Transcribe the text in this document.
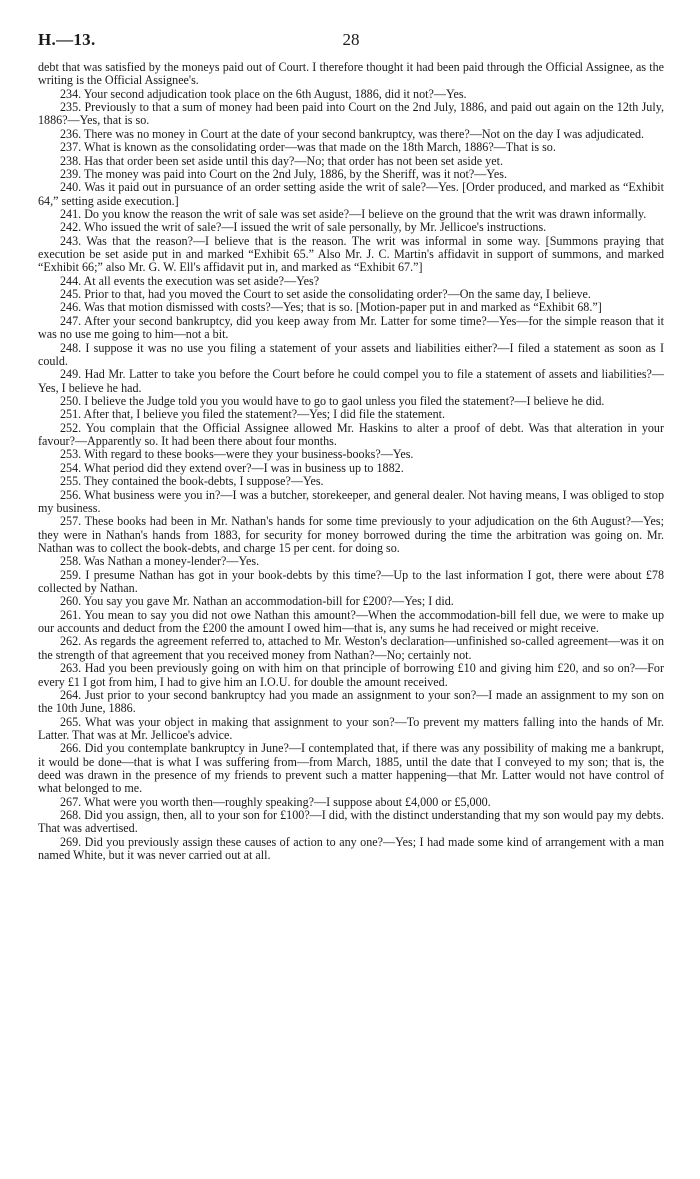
H.—13.	28

debt that was satisfied by the moneys paid out of Court. I therefore thought it had been paid through the Official Assignee, as the writing is the Official Assignee's.

234. Your second adjudication took place on the 6th August, 1886, did it not?—Yes.

235. Previously to that a sum of money had been paid into Court on the 2nd July, 1886, and paid out again on the 12th July, 1886?—Yes, that is so.

236. There was no money in Court at the date of your second bankruptcy, was there?—Not on the day I was adjudicated.

237. What is known as the consolidating order—was that made on the 18th March, 1886?—That is so.

238. Has that order been set aside until this day?—No; that order has not been set aside yet.

239. The money was paid into Court on the 2nd July, 1886, by the Sheriff, was it not?—Yes.

240. Was it paid out in pursuance of an order setting aside the writ of sale?—Yes. [Order produced, and marked as “Exhibit 64,” setting aside execution.]

241. Do you know the reason the writ of sale was set aside?—I believe on the ground that the writ was drawn informally.

242. Who issued the writ of sale?—I issued the writ of sale personally, by Mr. Jellicoe's instructions.

243. Was that the reason?—I believe that is the reason. The writ was informal in some way. [Summons praying that execution be set aside put in and marked “Exhibit 65.” Also Mr. J. C. Martin's affidavit in support of summons, and marked “Exhibit 66;” also Mr. G. W. Ell's affidavit put in, and marked as “Exhibit 67.”]

244. At all events the execution was set aside?—Yes?

245. Prior to that, had you moved the Court to set aside the consolidating order?—On the same day, I believe.

246. Was that motion dismissed with costs?—Yes; that is so. [Motion-paper put in and marked as “Exhibit 68.”]

247. After your second bankruptcy, did you keep away from Mr. Latter for some time?—Yes—for the simple reason that it was no use me going to him—not a bit.

248. I suppose it was no use you filing a statement of your assets and liabilities either?—I filed a statement as soon as I could.

249. Had Mr. Latter to take you before the Court before he could compel you to file a statement of assets and liabilities?—Yes, I believe he had.

250. I believe the Judge told you you would have to go to gaol unless you filed the statement?—I believe he did.

251. After that, I believe you filed the statement?—Yes; I did file the statement.

252. You complain that the Official Assignee allowed Mr. Haskins to alter a proof of debt. Was that alteration in your favour?—Apparently so. It had been there about four months.

253. With regard to these books—were they your business-books?—Yes.

254. What period did they extend over?—I was in business up to 1882.

255. They contained the book-debts, I suppose?—Yes.

256. What business were you in?—I was a butcher, storekeeper, and general dealer. Not having means, I was obliged to stop my business.

257. These books had been in Mr. Nathan's hands for some time previously to your adjudication on the 6th August?—Yes; they were in Nathan's hands from 1883, for security for money borrowed during the time the arbitration was going on. Mr. Nathan was to collect the book-debts, and charge 15 per cent. for doing so.

258. Was Nathan a money-lender?—Yes.

259. I presume Nathan has got in your book-debts by this time?—Up to the last information I got, there were about £78 collected by Nathan.

260. You say you gave Mr. Nathan an accommodation-bill for £200?—Yes; I did.

261. You mean to say you did not owe Nathan this amount?—When the accommodation-bill fell due, we were to make up our accounts and deduct from the £200 the amount I owed him—that is, any sums he had received or might receive.

262. As regards the agreement referred to, attached to Mr. Weston's declaration—unfinished so-called agreement—was it on the strength of that agreement that you received money from Nathan?—No; certainly not.

263. Had you been previously going on with him on that principle of borrowing £10 and giving him £20, and so on?—For every £1 I got from him, I had to give him an I.O.U. for double the amount received.

264. Just prior to your second bankruptcy had you made an assignment to your son?—I made an assignment to my son on the 10th June, 1886.

265. What was your object in making that assignment to your son?—To prevent my matters falling into the hands of Mr. Latter. That was at Mr. Jellicoe's advice.

266. Did you contemplate bankruptcy in June?—I contemplated that, if there was any possibility of making me a bankrupt, it would be done—that is what I was suffering from—from March, 1885, until the date that I conveyed to my son; that is, the deed was drawn in the presence of my friends to prevent such a matter happening—that Mr. Latter would not have control of what belonged to me.

267. What were you worth then—roughly speaking?—I suppose about £4,000 or £5,000.

268. Did you assign, then, all to your son for £100?—I did, with the distinct understanding that my son would pay my debts. That was advertised.

269. Did you previously assign these causes of action to any one?—Yes; I had made some kind of arrangement with a man named White, but it was never carried out at all.
